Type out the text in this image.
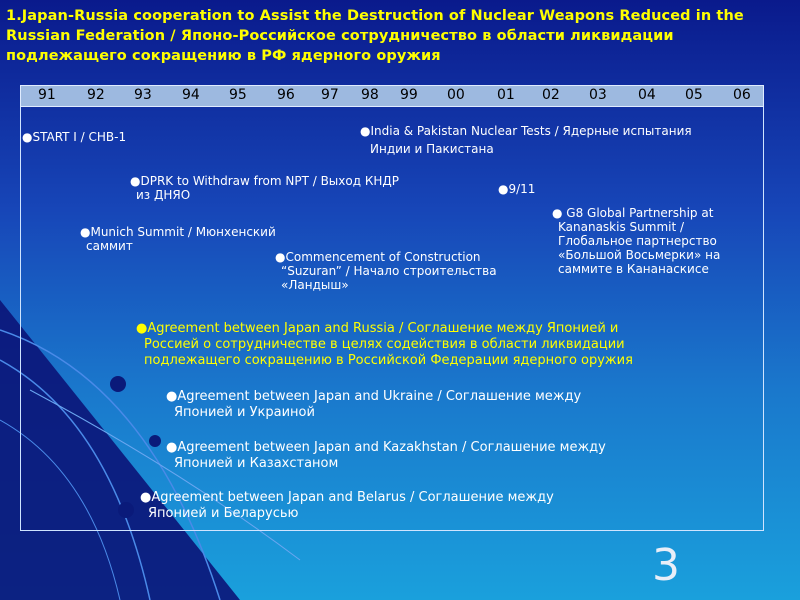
1.Japan-Russia cooperation to Assist the Destruction of Nuclear Weapons Reduced in the
Russian Federation / Японо-Российское сотрудничество в области ликвидации
подлежащего сокращению в РФ ядерного оружия
91 92 93 94 95 96 97 98 99 00 01 02 03 04 05 06
●START I / СНВ-1	●India & Pakistan Nuclear Tests / Ядерные испытания
Индии и Пакистана
●DPRK to Withdraw from NPT / Выход КНДР
из ДНЯО	●9/11
● G8 Global Partnership at
Kananaskis Summit /
Глобальное партнерство
«Большой Восьмерки» на
саммите в Кананаскисе
●Munich Summit / Мюнхенский
саммит
●Commencement of Construction
“Suzuran” / Начало строительства
«Ландыш»
●Agreement between Japan and Russia / Соглашение между Японией и
Россией о сотрудничестве в целях содействия в области ликвидации
подлежащего сокращению в Российской Федерации ядерного оружия
●Agreement between Japan and Ukraine / Соглашение между
Японией и Украиной
●Agreement between Japan and Kazakhstan / Соглашение между
Японией и Казахстаном
●Agreement between Japan and Belarus / Соглашение между
Японией и Беларусью
3
